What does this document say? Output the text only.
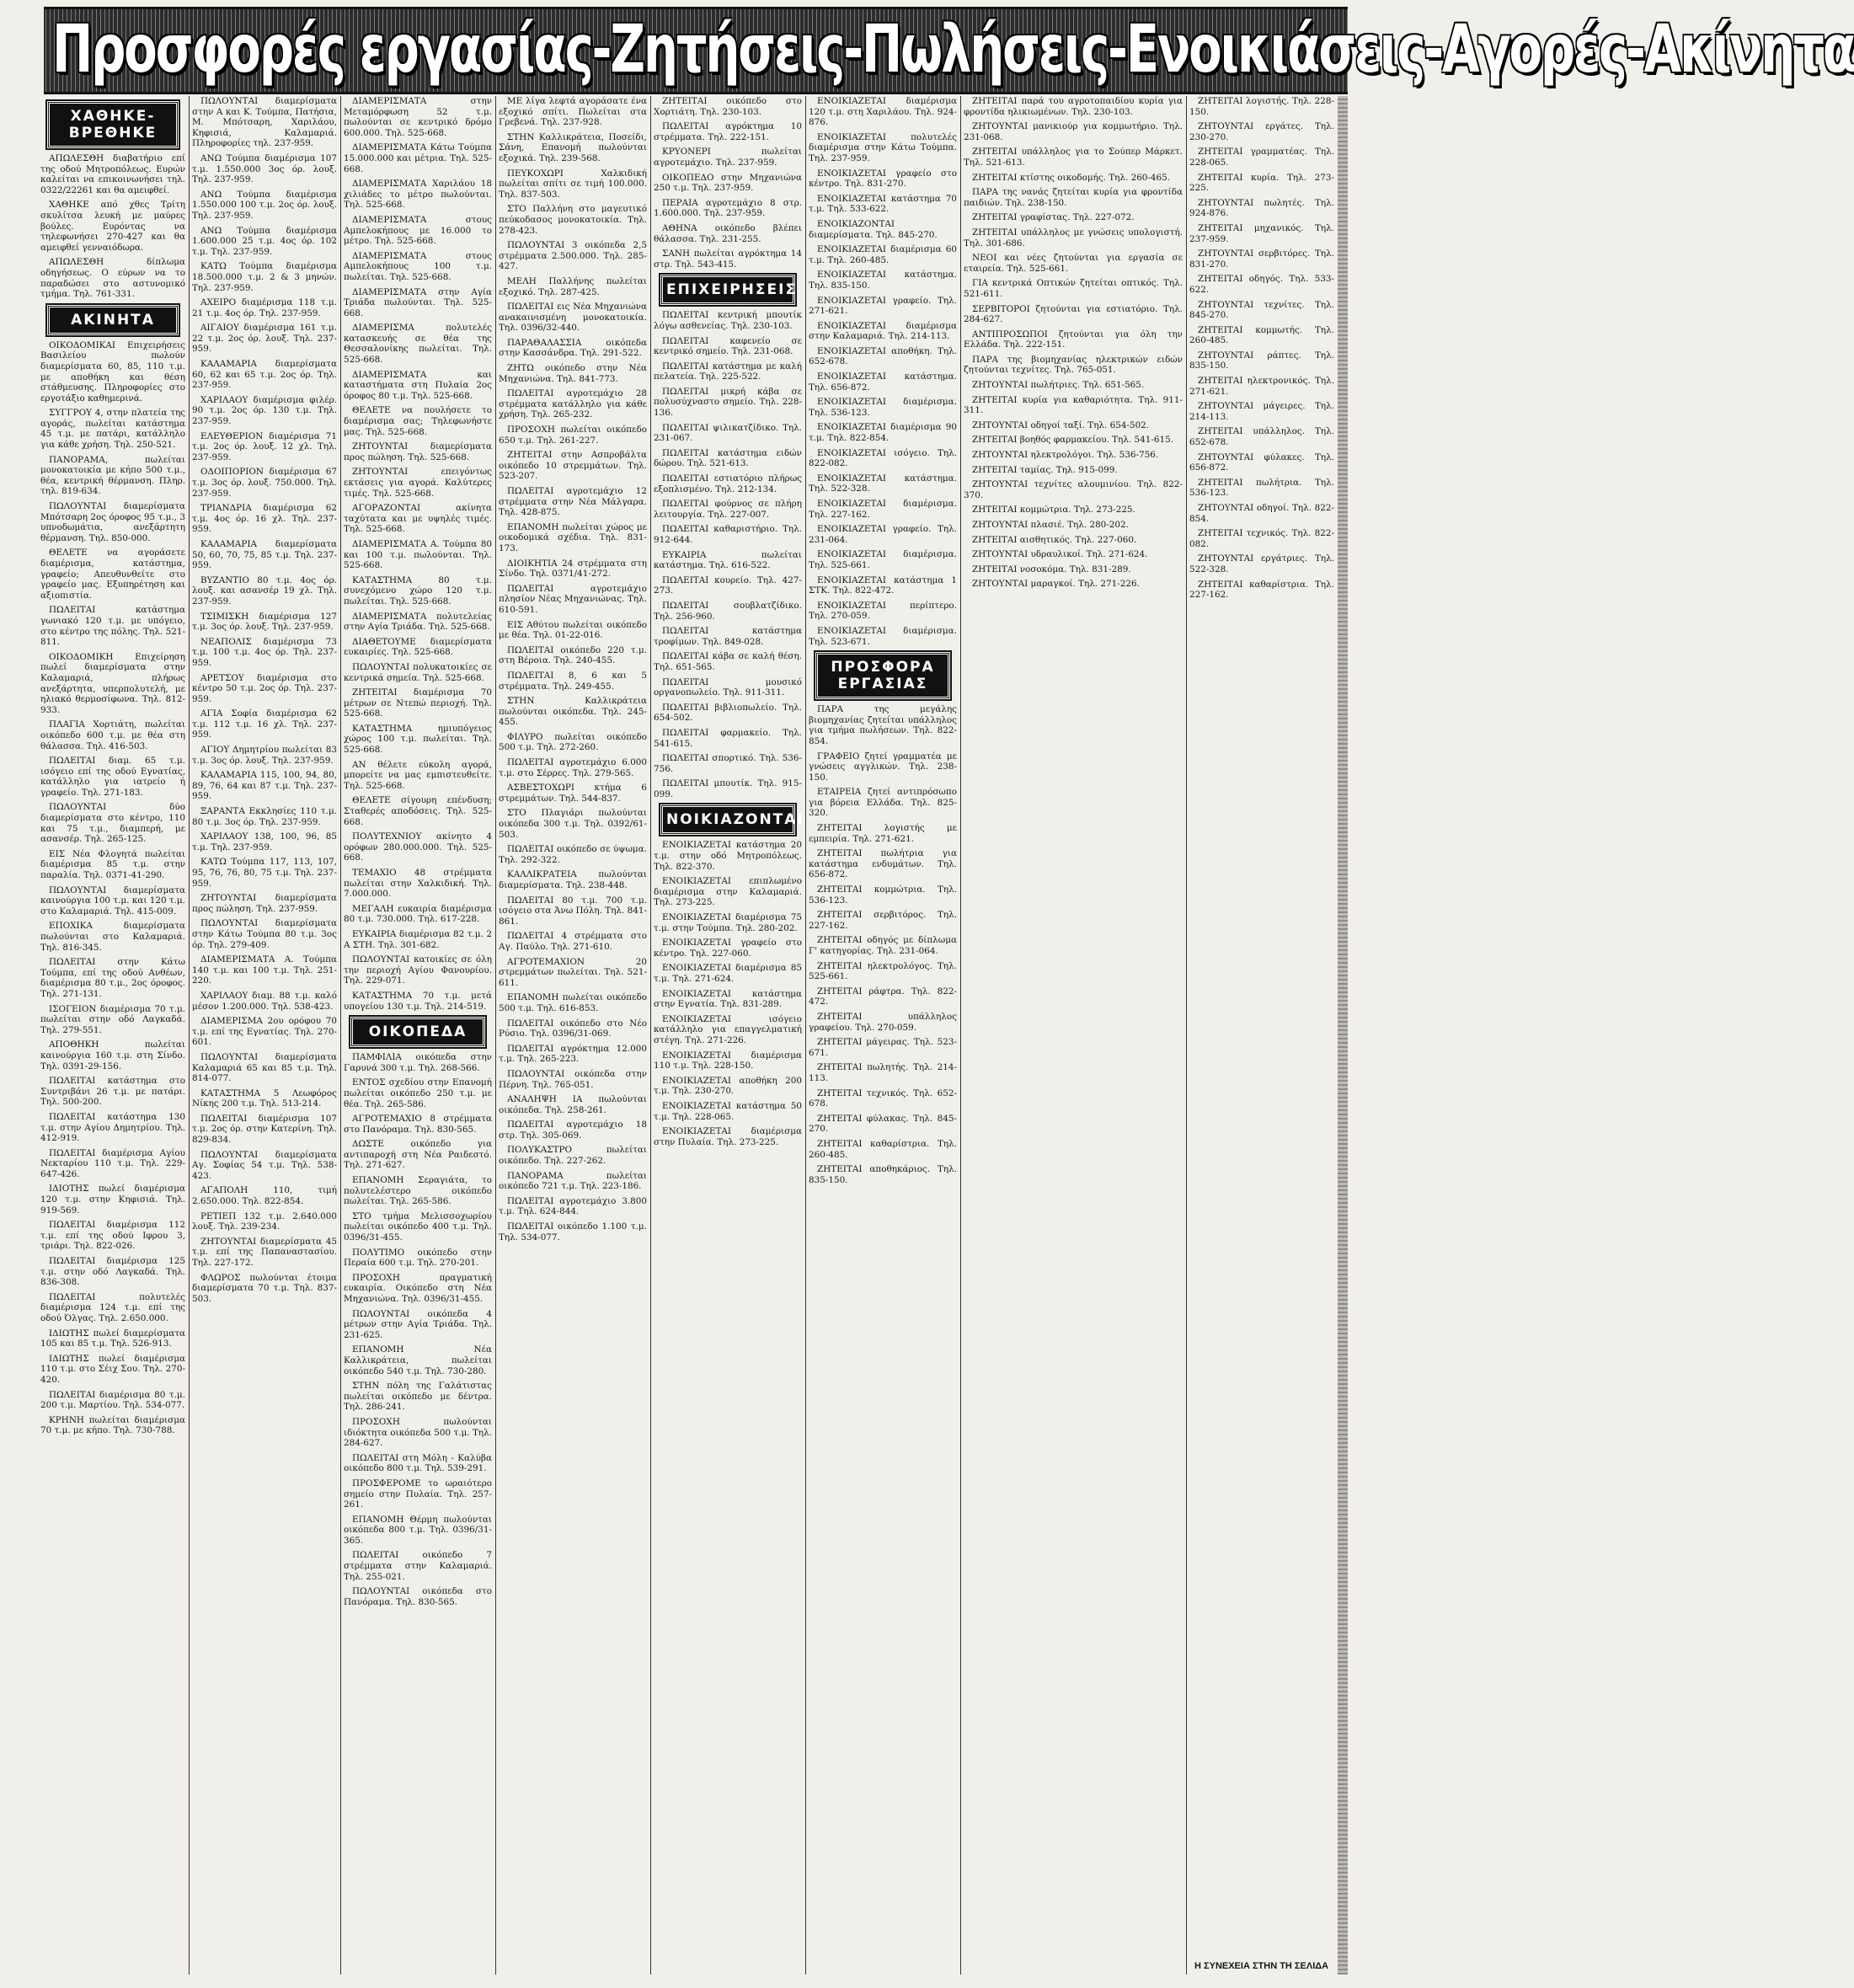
Προσφορές εργασίας-Ζητήσεις-Πωλήσεις-Ενοικιάσεις-Αγορές-Ακίνητα
ΧΑΘΗΚΕ-ΒΡΕΘΗΚΕ

ΑΠΩΛΕΣΘΗ διαβατήριο επί της οδού Μητροπόλεως. Ευρών καλείται να επικοινωνήσει τηλ. 0322/22261 και θα αμειφθεί.

ΧΑΘΗΚΕ από χθες Τρίτη σκυλίτσα λευκή με μαύρες βούλες. Ευρόντας να τηλεφωνήσει 270-427 και θα αμειφθεί γενναιόδωρα.

ΑΠΩΛΕΣΘΗ δίπλωμα οδηγήσεως. Ο εύρων να το παραδώσει στο αστυνομικό τμήμα. Τηλ. 761-331.

ΑΚΙΝΗΤΑ

ΟΙΚΟΔΟΜΙΚΑΙ Επιχειρήσεις Βασιλείου πωλούν διαμερίσματα 60, 85, 110 τ.μ. με αποθήκη και θέση στάθμευσης. Πληροφορίες στο εργοτάξιο καθημερινά.

ΣΥΓΓΡΟΥ 4, στην πλατεία της αγοράς, πωλείται κατάστημα 45 τ.μ. με πατάρι, κατάλληλο για κάθε χρήση. Τηλ. 250-521.

ΠΑΝΟΡΑΜΑ, πωλείται μονοκατοικία με κήπο 500 τ.μ., θέα, κεντρική θέρμανση. Πληρ. τηλ. 819-634.

ΠΩΛΟΥΝΤΑΙ διαμερίσματα Μπότσαρη 2ος όροφος 95 τ.μ., 3 υπνοδωμάτια, ανεξάρτητη θέρμανση. Τηλ. 850-000.

ΘΕΛΕΤΕ να αγοράσετε διαμέρισμα, κατάστημα, γραφείο; Απευθυνθείτε στο γραφείο μας. Εξυπηρέτηση και αξιοπιστία.

ΠΩΛΕΙΤΑΙ κατάστημα γωνιακό 120 τ.μ. με υπόγειο, στο κέντρο της πόλης. Τηλ. 521-811.

ΟΙΚΟΔΟΜΙΚΗ Επιχείρηση πωλεί διαμερίσματα στην Καλαμαριά, πλήρως ανεξάρτητα, υπερπολυτελή, με ηλιακό θερμοσίφωνα. Τηλ. 812-933.

ΠΛΑΓΙΑ Χορτιάτη, πωλείται οικόπεδο 600 τ.μ. με θέα στη θάλασσα. Τηλ. 416-503.

ΠΩΛΕΙΤΑΙ διαμ. 65 τ.μ. ισόγειο επί της οδού Εγνατίας, κατάλληλο για ιατρείο ή γραφείο. Τηλ. 271-183.

ΠΩΛΟΥΝΤΑΙ δύο διαμερίσματα στο κέντρο, 110 και 75 τ.μ., διαμπερή, με ασανσέρ. Τηλ. 265-125.

ΕΙΣ Νέα Φλογητά πωλείται διαμέρισμα 85 τ.μ. στην παραλία. Τηλ. 0371-41-290.

ΠΩΛΟΥΝΤΑΙ διαμερίσματα καινούργια 100 τ.μ. και 120 τ.μ. στο Καλαμαριά. Τηλ. 415-009.

ΕΠΟΧΙΚΑ διαμερίσματα πωλούνται στο Καλαμαριά. Τηλ. 816-345.

ΠΩΛΕΙΤΑΙ στην Κάτω Τούμπα, επί της οδού Ανθέων, διαμέρισμα 80 τ.μ., 2ος όροφος. Τηλ. 271-131.

ΙΣΟΓΕΙΟΝ διαμέρισμα 70 τ.μ. πωλείται στην οδό Λαγκαδά. Τηλ. 279-551.

ΑΠΟΘΗΚΗ πωλείται καινούργια 160 τ.μ. στη Σίνδο. Τηλ. 0391-29-156.

ΠΩΛΕΙΤΑΙ κατάστημα στο Συντριβάνι 26 τ.μ. με πατάρι. Τηλ. 500-200.

ΠΩΛΕΙΤΑΙ κατάστημα 130 τ.μ. στην Αγίου Δημητρίου. Τηλ. 412-919.

ΠΩΛΕΙΤΑΙ διαμέρισμα Αγίου Νεκταρίου 110 τ.μ. Τηλ. 229-647-426.

ΙΔΙΟΤΗΣ πωλεί διαμέρισμα 120 τ.μ. στην Κηφισιά. Τηλ. 919-569.

ΠΩΛΕΙΤΑΙ διαμέρισμα 112 τ.μ. επί της οδού Ιφρου 3, τριάρι. Τηλ. 822-026.

ΠΩΛΕΙΤΑΙ διαμέρισμα 125 τ.μ. στην οδό Λαγκαδά. Τηλ. 836-308.

ΠΩΛΕΙΤΑΙ πολυτελές διαμέρισμα 124 τ.μ. επί της οδού Όλγας. Τηλ. 2.650.000.

ΙΔΙΩΤΗΣ πωλεί διαμερίσματα 105 και 85 τ.μ. Τηλ. 526-913.

ΙΔΙΩΤΗΣ πωλεί διαμέρισμα 110 τ.μ. στο Σέιχ Σου. Τηλ. 270-420.

ΠΩΛΕΙΤΑΙ διαμέρισμα 80 τ.μ. 200 τ.μ. Μαρτίου. Τηλ. 534-077.

ΚΡΗΝΗ πωλείται διαμέρισμα 70 τ.μ. με κήπο. Τηλ. 730-788.

ΠΩΛΟΥΝΤΑΙ διαμερίσματα στην Α και Κ. Τούμπα, Πατήσια, Μ. Μπότσαρη, Χαριλάου, Κηφισιά, Καλαμαριά. Πληροφορίες τηλ. 237-959.

ΑΝΩ Τούμπα διαμέρισμα 107 τ.μ. 1.550.000 3ος όρ. λουξ. Τηλ. 237-959.

ΑΝΩ Τούμπα διαμέρισμα 1.550.000 100 τ.μ. 2ος όρ. λουξ. Τηλ. 237-959.

ΑΝΩ Τούμπα διαμέρισμα 1.600.000 25 τ.μ. 4ος όρ. 102 τ.μ. Τηλ. 237-959.

ΚΑΤΩ Τούμπα διαμέρισμα 18.500.000 τ.μ. 2 & 3 μηνών. Τηλ. 237-959.

ΑΧΕΙΡΟ διαμέρισμα 118 τ.μ. 21 τ.μ. 4ος όρ. Τηλ. 237-959.

ΑΙΓΑΙΟΥ διαμέρισμα 161 τ.μ. 22 τ.μ. 2ος όρ. λουξ. Τηλ. 237-959.

ΚΑΛΑΜΑΡΙΑ διαμερίσματα 60, 62 και 65 τ.μ. 2ος όρ. Τηλ. 237-959.

ΧΑΡΙΛΑΟΥ διαμέρισμα φιλέρ. 90 τ.μ. 2ος όρ. 130 τ.μ. Τηλ. 237-959.

ΕΛΕΥΘΕΡΙΟΝ διαμέρισμα 71 τ.μ. 2ος όρ. λουξ. 12 χλ. Τηλ. 237-959.

ΟΔΟΙΠΟΡΙΟΝ διαμέρισμα 67 τ.μ. 3ος όρ. λουξ. 750.000. Τηλ. 237-959.

ΤΡΙΑΝΔΡΙΑ διαμέρισμα 62 τ.μ. 4ος όρ. 16 χλ. Τηλ. 237-959.

ΚΑΛΑΜΑΡΙΑ διαμερίσματα 50, 60, 70, 75, 85 τ.μ. Τηλ. 237-959.

ΒΥΖΑΝΤΙΟ 80 τ.μ. 4ος όρ. λουξ. και ασανσέρ 19 χλ. Τηλ. 237-959.

ΤΣΙΜΙΣΚΗ διαμέρισμα 127 τ.μ. 3ος όρ. λουξ. Τηλ. 237-959.

ΝΕΑΠΟΛΙΣ διαμέρισμα 73 τ.μ. 100 τ.μ. 4ος όρ. Τηλ. 237-959.

ΑΡΕΤΣΟΥ διαμέρισμα στο κέντρο 50 τ.μ. 2ος όρ. Τηλ. 237-959.

ΑΓΙΑ Σοφία διαμέρισμα 62 τ.μ. 112 τ.μ. 16 χλ. Τηλ. 237-959.

ΑΓΙΟΥ Δημητρίου πωλείται 83 τ.μ. 3ος όρ. λουξ. Τηλ. 237-959.

ΚΑΛΑΜΑΡΙΑ 115, 100, 94, 80, 89, 76, 64 και 87 τ.μ. Τηλ. 237-959.

ΞΑΡΑΝΤΑ Εκκλησίες 110 τ.μ. 80 τ.μ. 3ος όρ. Τηλ. 237-959.

ΧΑΡΙΛΑΟΥ 138, 100, 96, 85 τ.μ. Τηλ. 237-959.

ΚΑΤΩ Τούμπα 117, 113, 107, 95, 76, 76, 80, 75 τ.μ. Τηλ. 237-959.

ΖΗΤΟΥΝΤΑΙ διαμερίσματα προς πώληση. Τηλ. 237-959.

ΠΩΛΟΥΝΤΑΙ διαμερίσματα στην Κάτω Τούμπα 80 τ.μ. 3ος όρ. Τηλ. 279-409.

ΔΙΑΜΕΡΙΣΜΑΤΑ Α. Τούμπα 140 τ.μ. και 100 τ.μ. Τηλ. 251-220.

ΧΑΡΙΛΑΟΥ διαμ. 88 τ.μ. καλό μέσον 1.200.000. Τηλ. 538-423.

ΔΙΑΜΕΡΙΣΜΑ 2ου ορόφου 70 τ.μ. επί της Εγνατίας. Τηλ. 270-601.

ΠΩΛΟΥΝΤΑΙ διαμερίσματα Καλαμαριά 65 και 85 τ.μ. Τηλ. 814-077.

ΚΑΤΑΣΤΗΜΑ 5 Λεωφόρος Νίκης 200 τ.μ. Τηλ. 513-214.

ΠΩΛΕΙΤΑΙ διαμέρισμα 107 τ.μ. 2ος όρ. στην Κατερίνη. Τηλ. 829-834.

ΠΩΛΟΥΝΤΑΙ διαμερίσματα Αγ. Σοφίας 54 τ.μ. Τηλ. 538-423.

ΑΓΑΠΟΛΗ 110, τιμή 2.650.000. Τηλ. 822-854.

ΡΕΤΙΕΠ 132 τ.μ. 2.640.000 λουξ. Τηλ. 239-234.

ΖΗΤΟΥΝΤΑΙ διαμερίσματα 45 τ.μ. επί της Παπαναστασίου. Τηλ. 227-172.

ΦΛΩΡΟΣ πωλούνται έτοιμα διαμερίσματα 70 τ.μ. Τηλ. 837-503.

ΔΙΑΜΕΡΙΣΜΑΤΑ στην Μεταμόρφωση 52 τ.μ. πωλούνται σε κεντρικό δρόμο 600.000. Τηλ. 525-668.

ΔΙΑΜΕΡΙΣΜΑΤΑ Κάτω Τούμπα 15.000.000 και μέτρια. Τηλ. 525-668.

ΔΙΑΜΕΡΙΣΜΑΤΑ Χαριλάου 18 χιλιάδες το μέτρο πωλούνται. Τηλ. 525-668.

ΔΙΑΜΕΡΙΣΜΑΤΑ στους Αμπελοκήπους με 16.000 το μέτρο. Τηλ. 525-668.

ΔΙΑΜΕΡΙΣΜΑΤΑ στους Αμπελοκήπους 100 τ.μ. πωλείται. Τηλ. 525-668.

ΔΙΑΜΕΡΙΣΜΑΤΑ στην Αγία Τριάδα πωλούνται. Τηλ. 525-668.

ΔΙΑΜΕΡΙΣΜΑ πολυτελές κατασκευής σε θέα της Θεσσαλονίκης πωλείται. Τηλ. 525-668.

ΔΙΑΜΕΡΙΣΜΑΤΑ και καταστήματα στη Πυλαία 2ος όροφος 80 τ.μ. Τηλ. 525-668.

ΘΕΛΕΤΕ να πουλήσετε το διαμέρισμα σας; Τηλεφωνήστε μας. Τηλ. 525-668.

ΖΗΤΟΥΝΤΑΙ διαμερίσματα προς πώληση. Τηλ. 525-668.

ΖΗΤΟΥΝΤΑΙ επειγόντως εκτάσεις για αγορά. Καλύτερες τιμές. Τηλ. 525-668.

ΑΓΟΡΑΖΟΝΤΑΙ ακίνητα ταχύτατα και με υψηλές τιμές. Τηλ. 525-668.

ΔΙΑΜΕΡΙΣΜΑΤΑ Α. Τούμπα 80 και 100 τ.μ. πωλούνται. Τηλ. 525-668.

ΚΑΤΑΣΤΗΜΑ 80 τ.μ. συνεχόμενο χώρο 120 τ.μ. πωλείται. Τηλ. 525-668.

ΔΙΑΜΕΡΙΣΜΑΤΑ πολυτελείας στην Αγία Τριάδα. Τηλ. 525-668.

ΔΙΑΘΕΤΟΥΜΕ διαμερίσματα ευκαιρίες. Τηλ. 525-668.

ΠΩΛΟΥΝΤΑΙ πολυκατοικίες σε κεντρικά σημεία. Τηλ. 525-668.

ΖΗΤΕΙΤΑΙ διαμέρισμα 70 μέτρων σε Ντεπώ περιοχή. Τηλ. 525-668.

ΚΑΤΑΣΤΗΜΑ ημιυπόγειος χώρος 100 τ.μ. πωλείται. Τηλ. 525-668.

ΑΝ θέλετε εύκολη αγορά, μπορείτε να μας εμπιστευθείτε. Τηλ. 525-668.

ΘΕΛΕΤΕ σίγουρη επένδυση; Σταθερές αποδόσεις. Τηλ. 525-668.

ΠΟΛΥΤΕΧΝΙΟΥ ακίνητο 4 ορόφων 280.000.000. Τηλ. 525-668.

ΤΕΜΑΧΙΟ 48 στρέμματα πωλείται στην Χαλκιδική. Τηλ. 7.000.000.

ΜΕΓΑΛΗ ευκαιρία διαμέρισμα 80 τ.μ. 730.000. Τηλ. 617-228.

ΕΥΚΑΙΡΙΑ διαμέρισμα 82 τ.μ. 2 Α ΣΤΗ. Τηλ. 301-682.

ΠΩΛΟΥΝΤΑΙ κατοικίες σε όλη την περιοχή Αγίου Φανουρίου. Τηλ. 229-071.

ΚΑΤΑΣΤΗΜΑ 70 τ.μ. μετά υπογείου 130 τ.μ. Τηλ. 214-519.

ΟΙΚΟΠΕΔΑ

ΠΑΜΦΙΛΙΑ οικόπεδα στην Γαρυνά 300 τ.μ. Τηλ. 268-566.

ΕΝΤΟΣ σχεδίου στην Επανομή πωλείται οικόπεδο 250 τ.μ. με θέα. Τηλ. 265-586.

ΑΓΡΟΤΕΜΑΧΙΟ 8 στρέμματα στο Πανόραμα. Τηλ. 830-565.

ΔΩΣΤΕ οικόπεδο για αντιπαροχή στη Νέα Ραιδεστό. Τηλ. 271-627.

ΕΠΑΝΟΜΗ Σεραγιάτα, το πολυτελέστερο οικόπεδο πωλείται. Τηλ. 265-586.

ΣΤΟ τμήμα Μελισσοχωρίου πωλείται οικόπεδο 400 τ.μ. Τηλ. 0396/31-455.

ΠΟΛΥΤΙΜΟ οικόπεδο στην Περαία 600 τ.μ. Τηλ. 270-201.

ΠΡΟΣΟΧΗ πραγματική ευκαιρία. Οικόπεδο στη Νέα Μηχανιώνα. Τηλ. 0396/31-455.

ΠΩΛΟΥΝΤΑΙ οικόπεδα 4 μέτρων στην Αγία Τριάδα. Τηλ. 231-625.

ΕΠΑΝΟΜΗ Νέα Καλλικράτεια, πωλείται οικόπεδο 540 τ.μ. Τηλ. 730-280.

ΣΤΗΝ πόλη της Γαλάτιστας πωλείται οικόπεδο με δέντρα. Τηλ. 286-241.

ΠΡΟΣΟΧΗ πωλούνται ιδιόκτητα οικόπεδα 500 τ.μ. Τηλ. 284-627.

ΠΩΛΕΙΤΑΙ στη Μόλη - Καλύβα οικόπεδο 800 τ.μ. Τηλ. 539-291.

ΠΡΟΣΦΕΡΟΜΕ το ωραιότερο σημείο στην Πυλαία. Τηλ. 257-261.

ΕΠΑΝΟΜΗ Θέρμη πωλούνται οικόπεδα 800 τ.μ. Τηλ. 0396/31-365.

ΠΩΛΕΙΤΑΙ οικόπεδο 7 στρέμματα στην Καλαμαριά. Τηλ. 255-021.

ΠΩΛΟΥΝΤΑΙ οικόπεδα στο Πανόραμα. Τηλ. 830-565.

ΜΕ λίγα λεφτά αγοράσατε ένα εξοχικό σπίτι. Πωλείται στα Γρεβενά. Τηλ. 237-928.

ΣΤΗΝ Καλλικράτεια, Ποσείδι, Σάνη, Επανομή πωλούνται εξοχικά. Τηλ. 239-568.

ΠΕΥΚΟΧΩΡΙ Χαλκιδική πωλείται σπίτι σε τιμή 100.000. Τηλ. 837-503.

ΣΤΟ Παλλήνη στο μαγευτικό πεύκοδασος μονοκατοικία. Τηλ. 278-423.

ΠΩΛΟΥΝΤΑΙ 3 οικόπεδα 2,5 στρέμματα 2.500.000. Τηλ. 285-427.

ΜΕΛΗ Παλλήνης πωλείται εξοχικό. Τηλ. 287-425.

ΠΩΛΕΙΤΑΙ εις Νέα Μηχανιώνα ανακαινισμένη μονοκατοικία. Τηλ. 0396/32-440.

ΠΑΡΑΘΑΛΑΣΣΙΑ οικόπεδα στην Κασσάνδρα. Τηλ. 291-522.

ΖΗΤΩ οικόπεδο στην Νέα Μηχανιώνα. Τηλ. 841-773.

ΠΩΛΕΙΤΑΙ αγροτεμάχιο 28 στρέμματα κατάλληλο για κάθε χρήση. Τηλ. 265-232.

ΠΡΟΣΟΧΗ πωλείται οικόπεδο 650 τ.μ. Τηλ. 261-227.

ΖΗΤΕΙΤΑΙ στην Ασπροβάλτα οικόπεδο 10 στρεμμάτων. Τηλ. 523-207.

ΠΩΛΕΙΤΑΙ αγροτεμάχιο 12 στρέμματα στην Νέα Μάλγαρα. Τηλ. 428-875.

ΕΠΑΝΟΜΗ πωλείται χώρος με οικοδομικά σχέδια. Τηλ. 831-173.

ΔΙΟΙΚΗΤΙΑ 24 στρέμματα στη Σίνδο. Τηλ. 0371/41-272.

ΠΩΛΕΙΤΑΙ αγροτεμάχιο πλησίον Νέας Μηχανιώνας. Τηλ. 610-591.

ΕΙΣ Αθύτου πωλείται οικόπεδο με θέα. Τηλ. 01-22-016.

ΠΩΛΕΙΤΑΙ οικόπεδο 220 τ.μ. στη Βέροια. Τηλ. 240-455.

ΠΩΛΕΙΤΑΙ 8, 6 και 5 στρέμματα. Τηλ. 249-455.

ΣΤΗΝ Καλλικράτεια πωλούνται οικόπεδα. Τηλ. 245-455.

ΦΙΛΥΡΟ πωλείται οικόπεδο 500 τ.μ. Τηλ. 272-260.

ΠΩΛΕΙΤΑΙ αγροτεμάχιο 6.000 τ.μ. στο Σέρρες. Τηλ. 279-565.

ΑΣΒΕΣΤΟΧΩΡΙ κτήμα 6 στρεμμάτων. Τηλ. 544-837.

ΣΤΟ Πλαγιάρι πωλούνται οικόπεδα 300 τ.μ. Τηλ. 0392/61-503.

ΠΩΛΕΙΤΑΙ οικόπεδο σε ύψωμα. Τηλ. 292-322.

ΚΑΛΛΙΚΡΑΤΕΙΑ πωλούνται διαμερίσματα. Τηλ. 238-448.

ΠΩΛΕΙΤΑΙ 80 τ.μ. 700 τ.μ. ισόγειο στα Άνω Πόλη. Τηλ. 841-861.

ΠΩΛΕΙΤΑΙ 4 στρέμματα στο Αγ. Παύλο. Τηλ. 271-610.

ΑΓΡΟΤΕΜΑΧΙΟΝ 20 στρεμμάτων πωλείται. Τηλ. 521-611.

ΕΠΑΝΟΜΗ πωλείται οικόπεδο 500 τ.μ. Τηλ. 616-853.

ΠΩΛΕΙΤΑΙ οικόπεδο στο Νέο Ρύσιο. Τηλ. 0396/31-069.

ΠΩΛΕΙΤΑΙ αγρόκτημα 12.000 τ.μ. Τηλ. 265-223.

ΠΩΛΟΥΝΤΑΙ οικόπεδα στην Πέρνη. Τηλ. 765-051.

ΑΝΑΛΗΨΗ ΙΑ πωλούνται οικόπεδα. Τηλ. 258-261.

ΠΩΛΕΙΤΑΙ αγροτεμάχιο 18 στρ. Τηλ. 305-069.

ΠΟΛΥΚΑΣΤΡΟ πωλείται οικόπεδο. Τηλ. 227-262.

ΠΑΝΟΡΑΜΑ πωλείται οικόπεδο 721 τ.μ. Τηλ. 223-186.

ΠΩΛΕΙΤΑΙ αγροτεμάχιο 3.800 τ.μ. Τηλ. 624-844.

ΠΩΛΕΙΤΑΙ οικόπεδο 1.100 τ.μ. Τηλ. 534-077.

ΖΗΤΕΙΤΑΙ οικόπεδο στο Χορτιάτη. Τηλ. 230-103.

ΠΩΛΕΙΤΑΙ αγρόκτημα 10 στρέμματα. Τηλ. 222-151.

ΚΡΥΟΝΕΡΙ πωλείται αγροτεμάχιο. Τηλ. 237-959.

ΟΙΚΟΠΕΔΟ στην Μηχανιώνα 250 τ.μ. Τηλ. 237-959.

ΠΕΡΑΙΑ αγροτεμάχιο 8 στρ. 1.600.000. Τηλ. 237-959.

ΑΘΗΝΑ οικόπεδο βλέπει θάλασσα. Τηλ. 231-255.

ΣΑΝΗ πωλείται αγρόκτημα 14 στρ. Τηλ. 543-415.

ΕΠΙΧΕΙΡΗΣΕΙΣ

ΠΩΛΕΙΤΑΙ κεντρική μπουτίκ λόγω ασθενείας. Τηλ. 230-103.

ΠΩΛΕΙΤΑΙ καφενείο σε κεντρικό σημείο. Τηλ. 231-068.

ΠΩΛΕΙΤΑΙ κατάστημα με καλή πελατεία. Τηλ. 225-522.

ΠΩΛΕΙΤΑΙ μικρή κάβα σε πολυσύχναστο σημείο. Τηλ. 228-136.

ΠΩΛΕΙΤΑΙ ψιλικατζίδικο. Τηλ. 231-067.

ΠΩΛΕΙΤΑΙ κατάστημα ειδών δώρου. Τηλ. 521-613.

ΠΩΛΕΙΤΑΙ εστιατόριο πλήρως εξοπλισμένο. Τηλ. 212-134.

ΠΩΛΕΙΤΑΙ φούρνος σε πλήρη λειτουργία. Τηλ. 227-007.

ΠΩΛΕΙΤΑΙ καθαριστήριο. Τηλ. 912-644.

ΕΥΚΑΙΡΙΑ πωλείται κατάστημα. Τηλ. 616-522.

ΠΩΛΕΙΤΑΙ κουρείο. Τηλ. 427-273.

ΠΩΛΕΙΤΑΙ σουβλατζίδικο. Τηλ. 256-960.

ΠΩΛΕΙΤΑΙ κατάστημα τροφίμων. Τηλ. 849-028.

ΠΩΛΕΙΤΑΙ κάβα σε καλή θέση. Τηλ. 651-565.

ΠΩΛΕΙΤΑΙ μουσικό οργανοπωλείο. Τηλ. 911-311.

ΠΩΛΕΙΤΑΙ βιβλιοπωλείο. Τηλ. 654-502.

ΠΩΛΕΙΤΑΙ φαρμακείο. Τηλ. 541-615.

ΠΩΛΕΙΤΑΙ σπορτικό. Τηλ. 536-756.

ΠΩΛΕΙΤΑΙ μπουτίκ. Τηλ. 915-099.

ΝΟΙΚΙΑΖΟΝΤΑΙ

ΕΝΟΙΚΙΑΖΕΤΑΙ κατάστημα 20 τ.μ. στην οδό Μητροπόλεως. Τηλ. 822-370.

ΕΝΟΙΚΙΑΖΕΤΑΙ επιπλωμένο διαμέρισμα στην Καλαμαριά. Τηλ. 273-225.

ΕΝΟΙΚΙΑΖΕΤΑΙ διαμέρισμα 75 τ.μ. στην Τούμπα. Τηλ. 280-202.

ΕΝΟΙΚΙΑΖΕΤΑΙ γραφείο στο κέντρο. Τηλ. 227-060.

ΕΝΟΙΚΙΑΖΕΤΑΙ διαμέρισμα 85 τ.μ. Τηλ. 271-624.

ΕΝΟΙΚΙΑΖΕΤΑΙ κατάστημα στην Εγνατία. Τηλ. 831-289.

ΕΝΟΙΚΙΑΖΕΤΑΙ ισόγειο κατάλληλο για επαγγελματική στέγη. Τηλ. 271-226.

ΕΝΟΙΚΙΑΖΕΤΑΙ διαμέρισμα 110 τ.μ. Τηλ. 228-150.

ΕΝΟΙΚΙΑΖΕΤΑΙ αποθήκη 200 τ.μ. Τηλ. 230-270.

ΕΝΟΙΚΙΑΖΕΤΑΙ κατάστημα 50 τ.μ. Τηλ. 228-065.

ΕΝΟΙΚΙΑΖΕΤΑΙ διαμέρισμα στην Πυλαία. Τηλ. 273-225.

ΕΝΟΙΚΙΑΖΕΤΑΙ διαμέρισμα 120 τ.μ. στη Χαριλάου. Τηλ. 924-876.

ΕΝΟΙΚΙΑΖΕΤΑΙ πολυτελές διαμέρισμα στην Κάτω Τούμπα. Τηλ. 237-959.

ΕΝΟΙΚΙΑΖΕΤΑΙ γραφείο στο κέντρο. Τηλ. 831-270.

ΕΝΟΙΚΙΑΖΕΤΑΙ κατάστημα 70 τ.μ. Τηλ. 533-622.

ΕΝΟΙΚΙΑΖΟΝΤΑΙ διαμερίσματα. Τηλ. 845-270.

ΕΝΟΙΚΙΑΖΕΤΑΙ διαμέρισμα 60 τ.μ. Τηλ. 260-485.

ΕΝΟΙΚΙΑΖΕΤΑΙ κατάστημα. Τηλ. 835-150.

ΕΝΟΙΚΙΑΖΕΤΑΙ γραφείο. Τηλ. 271-621.

ΕΝΟΙΚΙΑΖΕΤΑΙ διαμέρισμα στην Καλαμαριά. Τηλ. 214-113.

ΕΝΟΙΚΙΑΖΕΤΑΙ αποθήκη. Τηλ. 652-678.

ΕΝΟΙΚΙΑΖΕΤΑΙ κατάστημα. Τηλ. 656-872.

ΕΝΟΙΚΙΑΖΕΤΑΙ διαμέρισμα. Τηλ. 536-123.

ΕΝΟΙΚΙΑΖΕΤΑΙ διαμέρισμα 90 τ.μ. Τηλ. 822-854.

ΕΝΟΙΚΙΑΖΕΤΑΙ ισόγειο. Τηλ. 822-082.

ΕΝΟΙΚΙΑΖΕΤΑΙ κατάστημα. Τηλ. 522-328.

ΕΝΟΙΚΙΑΖΕΤΑΙ διαμέρισμα. Τηλ. 227-162.

ΕΝΟΙΚΙΑΖΕΤΑΙ γραφείο. Τηλ. 231-064.

ΕΝΟΙΚΙΑΖΕΤΑΙ διαμέρισμα. Τηλ. 525-661.

ΕΝΟΙΚΙΑΖΕΤΑΙ κατάστημα 1 ΣΤΚ. Τηλ. 822-472.

ΕΝΟΙΚΙΑΖΕΤΑΙ περίπτερο. Τηλ. 270-059.

ΕΝΟΙΚΙΑΖΕΤΑΙ διαμέρισμα. Τηλ. 523-671.

ΠΡΟΣΦΟΡΑ ΕΡΓΑΣΙΑΣ

ΠΑΡΑ της μεγάλης βιομηχανίας ζητείται υπάλληλος για τμήμα πωλήσεων. Τηλ. 822-854.

ΓΡΑΦΕΙΟ ζητεί γραμματέα με γνώσεις αγγλικών. Τηλ. 238-150.

ΕΤΑΙΡΕΙΑ ζητεί αντιπρόσωπο για βόρεια Ελλάδα. Τηλ. 825-320.

ΖΗΤΕΙΤΑΙ λογιστής με εμπειρία. Τηλ. 271-621.

ΖΗΤΕΙΤΑΙ πωλήτρια για κατάστημα ενδυμάτων. Τηλ. 656-872.

ΖΗΤΕΙΤΑΙ κομμώτρια. Τηλ. 536-123.

ΖΗΤΕΙΤΑΙ σερβιτόρος. Τηλ. 227-162.

ΖΗΤΕΙΤΑΙ οδηγός με δίπλωμα Γ' κατηγορίας. Τηλ. 231-064.

ΖΗΤΕΙΤΑΙ ηλεκτρολόγος. Τηλ. 525-661.

ΖΗΤΕΙΤΑΙ ράφτρα. Τηλ. 822-472.

ΖΗΤΕΙΤΑΙ υπάλληλος γραφείου. Τηλ. 270-059.

ΖΗΤΕΙΤΑΙ μάγειρας. Τηλ. 523-671.

ΖΗΤΕΙΤΑΙ πωλητής. Τηλ. 214-113.

ΖΗΤΕΙΤΑΙ τεχνικός. Τηλ. 652-678.

ΖΗΤΕΙΤΑΙ φύλακας. Τηλ. 845-270.

ΖΗΤΕΙΤΑΙ καθαρίστρια. Τηλ. 260-485.

ΖΗΤΕΙΤΑΙ αποθηκάριος. Τηλ. 835-150.

ΖΗΤΕΙΤΑΙ παρά του αγροτοπαιδίου κυρία για φροντίδα ηλικιωμένων. Τηλ. 230-103.

ΖΗΤΟΥΝΤΑΙ μανικιούρ για κομμωτήριο. Τηλ. 231-068.

ΖΗΤΕΙΤΑΙ υπάλληλος για το Σούπερ Μάρκετ. Τηλ. 521-613.

ΖΗΤΕΙΤΑΙ κτίστης οικοδομής. Τηλ. 260-465.

ΠΑΡΑ της νανάς ζητείται κυρία για φροντίδα παιδιών. Τηλ. 238-150.

ΖΗΤΕΙΤΑΙ γραφίστας. Τηλ. 227-072.

ΖΗΤΕΙΤΑΙ υπάλληλος με γνώσεις υπολογιστή. Τηλ. 301-686.

ΝΕΟΙ και νέες ζητούνται για εργασία σε εταιρεία. Τηλ. 525-661.

ΓΙΑ κεντρικά Οπτικών ζητείται οπτικός. Τηλ. 521-611.

ΣΕΡΒΙΤΟΡΟΙ ζητούνται για εστιατόριο. Τηλ. 284-627.

ΑΝΤΙΠΡΟΣΩΠΟΙ ζητούνται για όλη την Ελλάδα. Τηλ. 222-151.

ΠΑΡΑ της βιομηχανίας ηλεκτρικών ειδών ζητούνται τεχνίτες. Τηλ. 765-051.

ΖΗΤΟΥΝΤΑΙ πωλήτριες. Τηλ. 651-565.

ΖΗΤΕΙΤΑΙ κυρία για καθαριότητα. Τηλ. 911-311.

ΖΗΤΟΥΝΤΑΙ οδηγοί ταξί. Τηλ. 654-502.

ΖΗΤΕΙΤΑΙ βοηθός φαρμακείου. Τηλ. 541-615.

ΖΗΤΟΥΝΤΑΙ ηλεκτρολόγοι. Τηλ. 536-756.

ΖΗΤΕΙΤΑΙ ταμίας. Τηλ. 915-099.

ΖΗΤΟΥΝΤΑΙ τεχνίτες αλουμινίου. Τηλ. 822-370.

ΖΗΤΕΙΤΑΙ κομμώτρια. Τηλ. 273-225.

ΖΗΤΟΥΝΤΑΙ πλασιέ. Τηλ. 280-202.

ΖΗΤΕΙΤΑΙ αισθητικός. Τηλ. 227-060.

ΖΗΤΟΥΝΤΑΙ υδραυλικοί. Τηλ. 271-624.

ΖΗΤΕΙΤΑΙ νοσοκόμα. Τηλ. 831-289.

ΖΗΤΟΥΝΤΑΙ μαραγκοί. Τηλ. 271-226.

ΖΗΤΕΙΤΑΙ λογιστής. Τηλ. 228-150.

ΖΗΤΟΥΝΤΑΙ εργάτες. Τηλ. 230-270.

ΖΗΤΕΙΤΑΙ γραμματέας. Τηλ. 228-065.

ΖΗΤΕΙΤΑΙ κυρία. Τηλ. 273-225.

ΖΗΤΟΥΝΤΑΙ πωλητές. Τηλ. 924-876.

ΖΗΤΕΙΤΑΙ μηχανικός. Τηλ. 237-959.

ΖΗΤΟΥΝΤΑΙ σερβιτόρες. Τηλ. 831-270.

ΖΗΤΕΙΤΑΙ οδηγός. Τηλ. 533-622.

ΖΗΤΟΥΝΤΑΙ τεχνίτες. Τηλ. 845-270.

ΖΗΤΕΙΤΑΙ κομμωτής. Τηλ. 260-485.

ΖΗΤΟΥΝΤΑΙ ράπτες. Τηλ. 835-150.

ΖΗΤΕΙΤΑΙ ηλεκτρονικός. Τηλ. 271-621.

ΖΗΤΟΥΝΤΑΙ μάγειρες. Τηλ. 214-113.

ΖΗΤΕΙΤΑΙ υπάλληλος. Τηλ. 652-678.

ΖΗΤΟΥΝΤΑΙ φύλακες. Τηλ. 656-872.

ΖΗΤΕΙΤΑΙ πωλήτρια. Τηλ. 536-123.

ΖΗΤΟΥΝΤΑΙ οδηγοί. Τηλ. 822-854.

ΖΗΤΕΙΤΑΙ τεχνικός. Τηλ. 822-082.

ΖΗΤΟΥΝΤΑΙ εργάτριες. Τηλ. 522-328.

ΖΗΤΕΙΤΑΙ καθαρίστρια. Τηλ. 227-162.

Η ΣΥΝΕΧΕΙΑ ΣΤΗΝ ΤΗ ΣΕΛΙΔΑ
